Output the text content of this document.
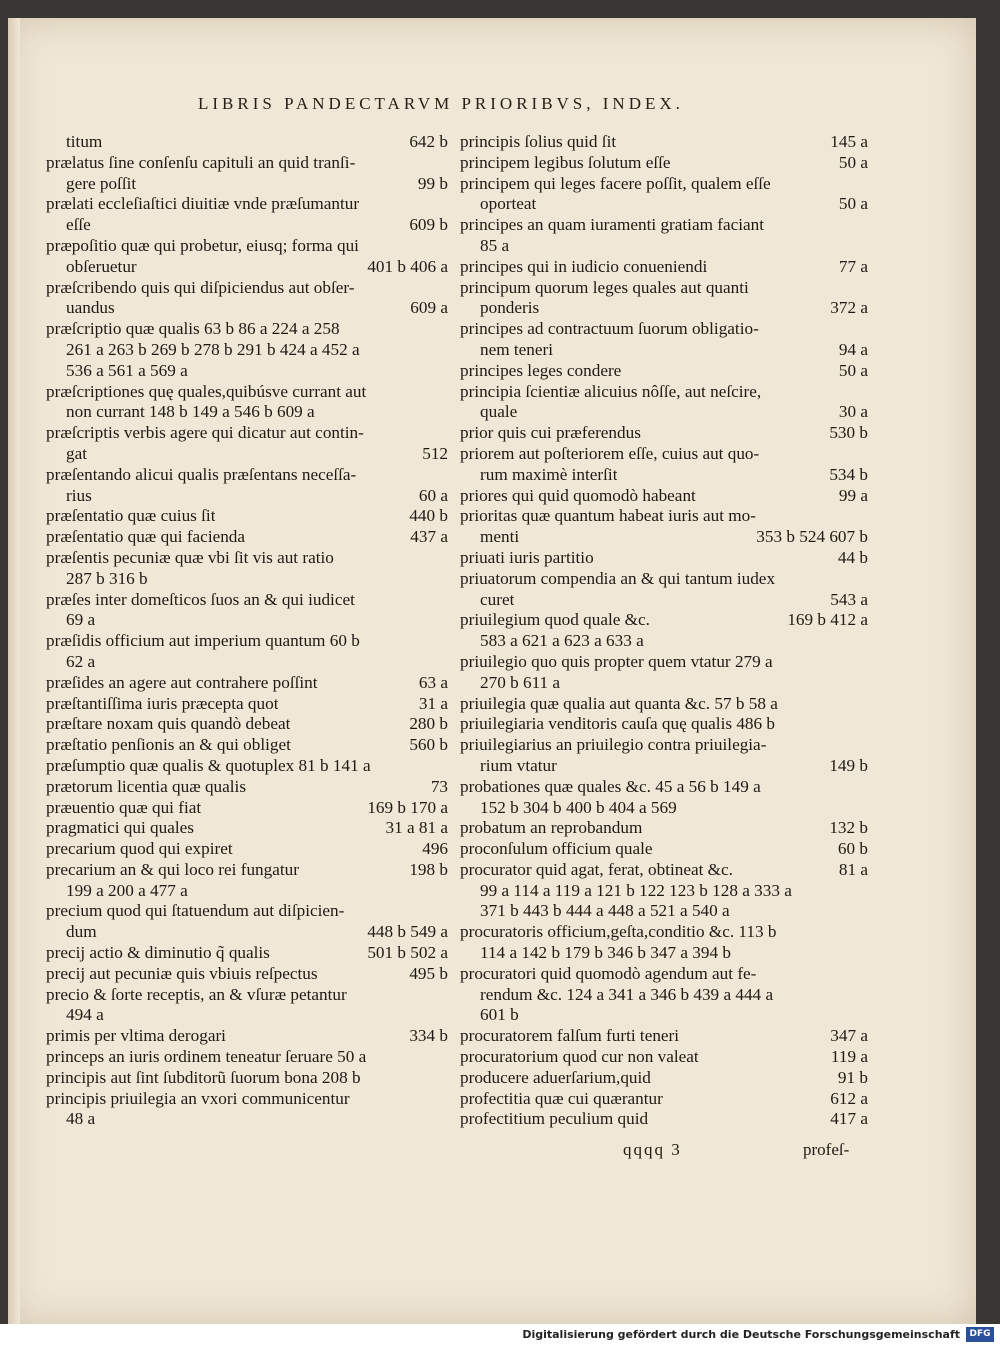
LIBRIS PANDECTARVM PRIORIBVS, INDEX.
titum	642 b
prælatus ſine conſenſu capituli an quid tranſi-
gere poſſit	99 b
prælati eccleſiaſtici diuitiæ vnde præſumantur
eſſe	609 b
præpoſitio quæ qui probetur, eiusq; forma qui
obſeruetur	401 b 406 a
præſcribendo quis qui diſpiciendus aut obſer-
uandus	609 a
præſcriptio quæ qualis 63 b 86 a 224 a 258
261 a 263 b 269 b 278 b 291 b 424 a 452 a
536 a 561 a 569 a
præſcriptiones quę quales,quibúsve currant aut
non currant 148 b 149 a 546 b 609 a
præſcriptis verbis agere qui dicatur aut contin-
gat	512
præſentando alicui qualis præſentans neceſſa-
rius	60 a
præſentatio quæ cuius ſit	440 b
præſentatio quæ qui facienda	437 a
præſentis pecuniæ quæ vbi ſit vis aut ratio
287 b 316 b
præſes inter domeſticos ſuos an & qui iudicet
69 a
præſidis officium aut imperium quantum 60 b
62 a
præſides an agere aut contrahere poſſint	63 a
præſtantiſſima iuris præcepta quot	31 a
præſtare noxam quis quandò debeat	280 b
præſtatio penſionis an & qui obliget	560 b
præſumptio quæ qualis & quotuplex 81 b 141 a
prætorum licentia quæ qualis	73
præuentio quæ qui fiat	169 b 170 a
pragmatici qui quales	31 a 81 a
precarium quod qui expiret	496
precarium an & qui loco rei fungatur	198 b
199 a 200 a 477 a
precium quod qui ſtatuendum aut diſpicien-
dum	448 b 549 a
precij actio & diminutio q̃ qualis	501 b 502 a
precij aut pecuniæ quis vbiuis reſpectus	495 b
precio & ſorte receptis, an & vſuræ petantur
494 a
primis per vltima derogari	334 b
princeps an iuris ordinem teneatur ſeruare 50 a
principis aut ſint ſubditorũ ſuorum bona 208 b
principis priuilegia an vxori communicentur
48 a
principis ſolius quid ſit	145 a
principem legibus ſolutum eſſe	50 a
principem qui leges facere poſſit, qualem eſſe
oporteat	50 a
principes an quam iuramenti gratiam faciant
85 a
principes qui in iudicio conueniendi	77 a
principum quorum leges quales aut quanti
ponderis	372 a
principes ad contractuum ſuorum obligatio-
nem teneri	94 a
principes leges condere	50 a
principia ſcientiæ alicuius nôſſe, aut neſcire,
quale	30 a
prior quis cui præferendus	530 b
priorem aut poſteriorem eſſe, cuius aut quo-
rum maximè interſit	534 b
priores qui quid quomodò habeant	99 a
prioritas quæ quantum habeat iuris aut mo-
menti	353 b 524 607 b
priuati iuris partitio	44 b
priuatorum compendia an & qui tantum iudex
curet	543 a
priuilegium quod quale &c.	169 b 412 a
583 a 621 a 623 a 633 a
priuilegio quo quis propter quem vtatur 279 a
270 b 611 a
priuilegia quæ qualia aut quanta &c. 57 b 58 a
priuilegiaria venditoris cauſa quę qualis 486 b
priuilegiarius an priuilegio contra priuilegia-
rium vtatur	149 b
probationes quæ quales &c. 45 a 56 b 149 a
152 b 304 b 400 b 404 a 569
probatum an reprobandum	132 b
proconſulum officium quale	60 b
procurator quid agat, ferat, obtineat &c.	81 a
99 a 114 a 119 a 121 b 122 123 b 128 a 333 a
371 b 443 b 444 a 448 a 521 a 540 a
procuratoris officium,geſta,conditio &c. 113 b
114 a 142 b 179 b 346 b 347 a 394 b
procuratori quid quomodò agendum aut fe-
rendum &c. 124 a 341 a 346 b 439 a 444 a
601 b
procuratorem falſum furti teneri	347 a
procuratorium quod cur non valeat	119 a
producere aduerſarium,quid	91 b
profectitia quæ cui quærantur	612 a
profectitium peculium quid	417 a
qqqq 3	profeſ-
Digitalisierung gefördert durch die Deutsche Forschungsgemeinschaft	DFG
